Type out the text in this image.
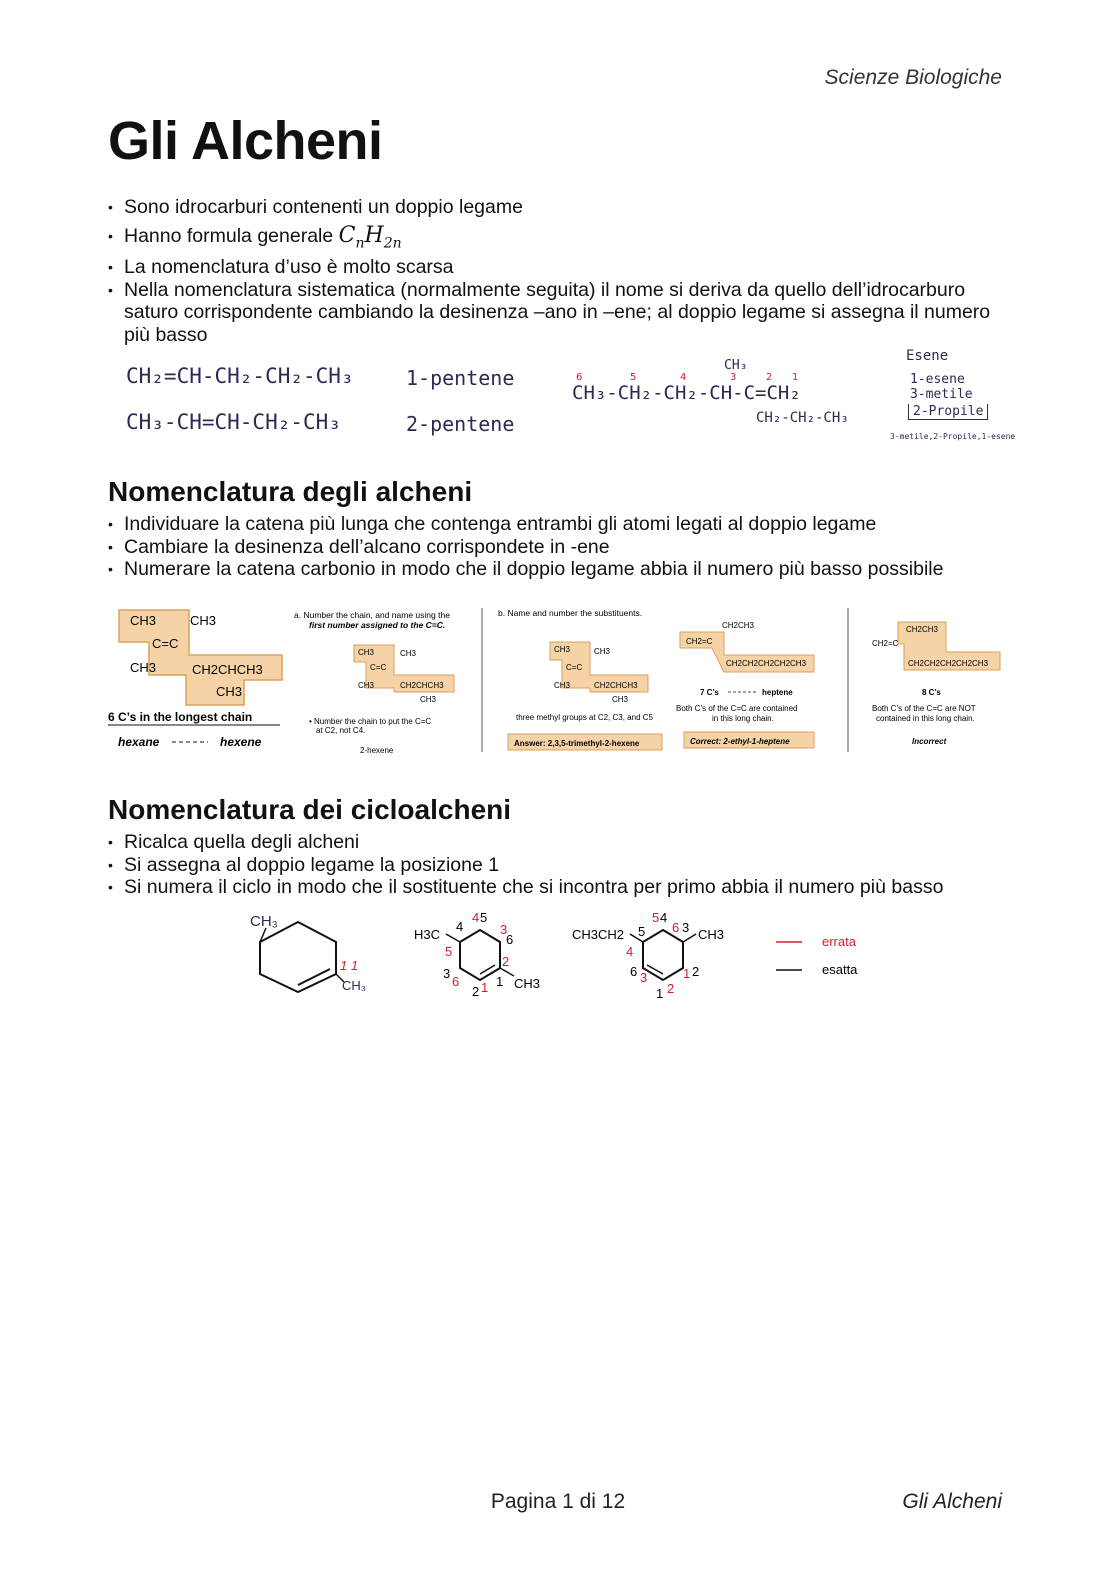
Scienze Biologiche
Gli Alcheni
• Sono idrocarburi contenenti un doppio legame
• Hanno formula generale $C_nH_{2n}$
• La nomenclatura d’uso è molto scarsa
• Nella nomenclatura sistematica (normalmente seguita) il nome si deriva da quello dell’idrocarburo saturo corrispondente cambiando la desinenza –ano in –ene; al doppio legame si assegna il numero più basso
CH₂=CH-CH₂-CH₂-CH₃	1-pentene
CH₃-CH=CH-CH₂-CH₃	2-pentene
CH₃
CH₃-CH₂-CH₂-CH-C=CH₂
CH₂-CH₂-CH₃
6	5	4	3	2 1
Esene
1-esene
3-metile
2-Propile
3-metile,2-Propile,1-esene
Nomenclatura degli alcheni
• Individuare la catena più lunga che contenga entrambi gli atomi legati al doppio legame
• Cambiare la desinenza dell’alcano corrispondete in -ene
• Numerare la catena carbonio in modo che il doppio legame abbia il numero più basso possibile
CH3	CH3
C=C
CH3	CH2CHCH3
CH3
6 C’s in the longest chain
hexane	hexene
a. Number the chain, and name using the
first number assigned to the C=C.
CH3	CH3
C=C
CH3	CH2CHCH3
CH3
• Number the chain to put the C=C
at C2, not C4.
2-hexene
b. Name and number the substituents.
CH3	CH3
C=C
CH3	CH2CHCH3
CH3
three methyl groups at C2, C3, and C5
Answer: 2,3,5-trimethyl-2-hexene
CH2CH3
CH2=C
CH2CH2CH2CH2CH3
7 C’s	heptene
Both C’s of the C=C are contained
in this long chain.
Correct: 2-ethyl-1-heptene
CH2CH3
CH2=C
CH2CH2CH2CH2CH3
8 C’s
Both C’s of the C=C are NOT
contained in this long chain.
Incorrect
Nomenclatura dei cicloalcheni
• Ricalca quella degli alcheni
• Si assegna al doppio legame la posizione 1
• Si numera il ciclo in modo che il sostituente che si incontra per primo abbia il numero più basso
CH₃
CH₃
1 1
H3C
CH3
4
4 5
3
6
5
2
3
6
2 1 1
CH3CH2	CH3
5
5 4
6 3
4
6 3
1 2
1 2
errata
esatta
Pagina 1 di 12	Gli Alcheni
